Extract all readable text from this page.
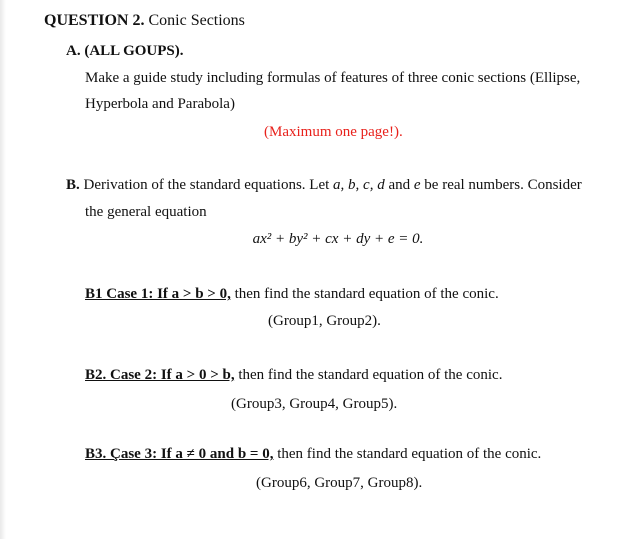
QUESTION 2. Conic Sections
A. (ALL GOUPS).
Make a guide study including formulas of features of three conic sections (Ellipse,
Hyperbola and Parabola)
(Maximum one page!).
B. Derivation of the standard equations. Let a, b, c, d and e be real numbers. Consider
the general equation
ax² + by² + cx + dy + e = 0.
B1 Case 1: If a > b > 0, then find the standard equation of the conic.
(Group1, Group2).
B2. Case 2: If a > 0 > b, then find the standard equation of the conic.
(Group3, Group4, Group5).
B3. Çase 3: If a ≠ 0 and b = 0, then find the standard equation of the conic.
(Group6, Group7, Group8).
